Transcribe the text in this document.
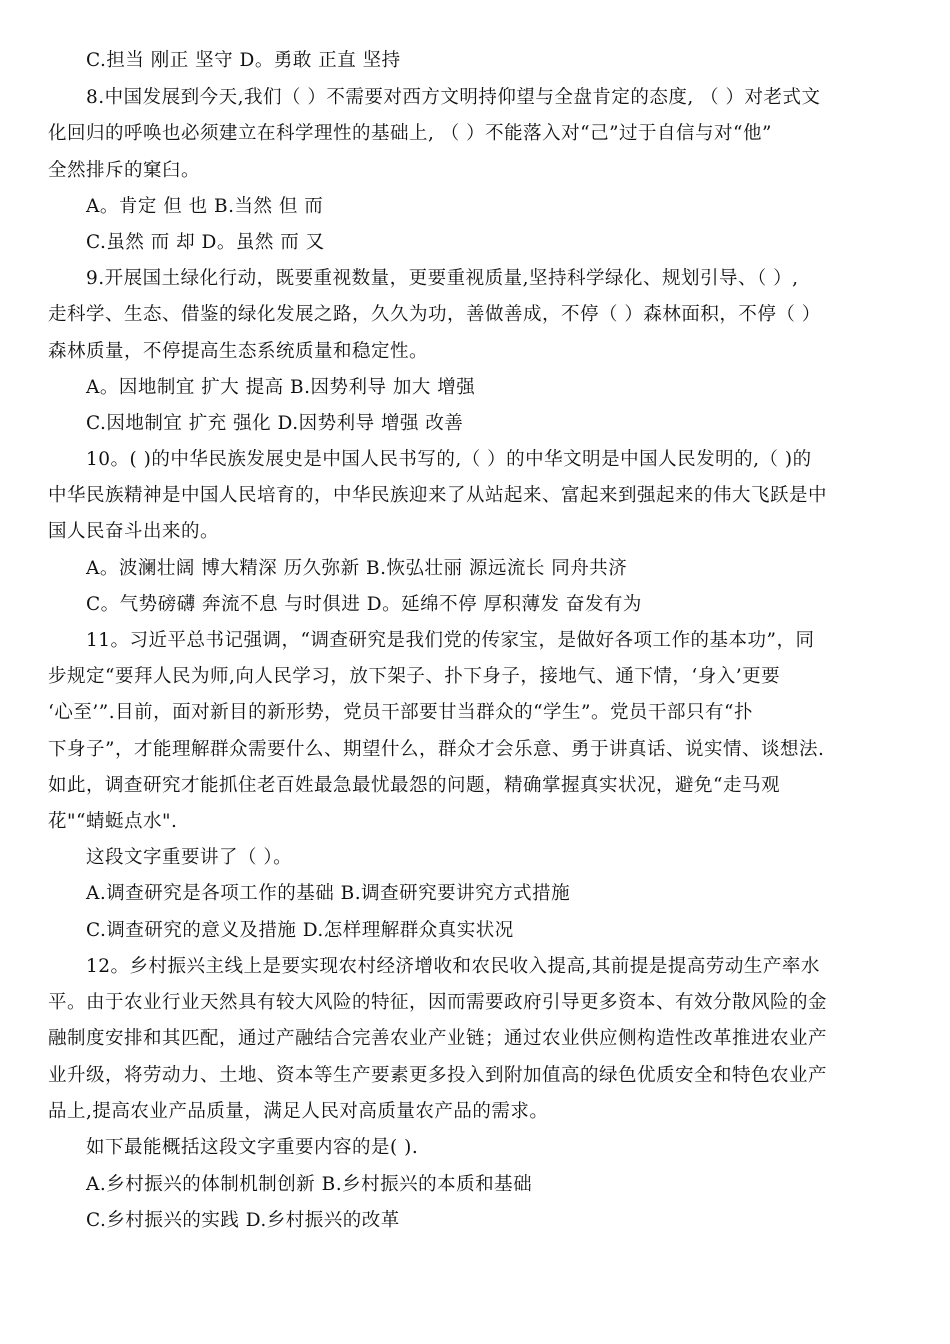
C.担当 刚正 坚守 D。勇敢 正直 坚持
8.中国发展到今天,我们（ ）不需要对西方文明持仰望与全盘肯定的态度, （ ）对老式文
化回归的呼唤也必须建立在科学理性的基础上, （ ）不能落入对“己”过于自信与对“他”
全然排斥的窠臼。
A。肯定 但 也 B.当然 但 而
C.虽然 而 却 D。虽然 而 又
9.开展国土绿化行动，既要重视数量，更要重视质量,坚持科学绿化、规划引导、（ ）,
走科学、生态、借鉴的绿化发展之路，久久为功，善做善成，不停（ ）森林面积，不停（ ）
森林质量，不停提高生态系统质量和稳定性。
A。因地制宜 扩大 提高 B.因势利导 加大 增强
C.因地制宜 扩充 强化 D.因势利导 增强 改善
10。( )的中华民族发展史是中国人民书写的,（ ）的中华文明是中国人民发明的,（ )的
中华民族精神是中国人民培育的，中华民族迎来了从站起来、富起来到强起来的伟大飞跃是中
国人民奋斗出来的。
A。波澜壮阔 博大精深 历久弥新 B.恢弘壮丽 源远流长 同舟共济
C。气势磅礴 奔流不息 与时俱进 D。延绵不停 厚积薄发 奋发有为
11。习近平总书记强调，“调查研究是我们党的传家宝，是做好各项工作的基本功”，同
步规定“要拜人民为师,向人民学习，放下架子、扑下身子，接地气、通下情，‘身入’更要
‘心至’”.目前，面对新目的新形势，党员干部要甘当群众的“学生”。党员干部只有“扑
下身子”，才能理解群众需要什么、期望什么，群众才会乐意、勇于讲真话、说实情、谈想法.
如此，调查研究才能抓住老百姓最急最忧最怨的问题，精确掌握真实状况，避免“走马观
花"“蜻蜓点水".
这段文字重要讲了（ ）。
A.调查研究是各项工作的基础 B.调查研究要讲究方式措施
C.调查研究的意义及措施 D.怎样理解群众真实状况
12。乡村振兴主线上是要实现农村经济增收和农民收入提高,其前提是提高劳动生产率水
平。由于农业行业天然具有较大风险的特征，因而需要政府引导更多资本、有效分散风险的金
融制度安排和其匹配，通过产融结合完善农业产业链；通过农业供应侧构造性改革推进农业产
业升级，将劳动力、土地、资本等生产要素更多投入到附加值高的绿色优质安全和特色农业产
品上,提高农业产品质量，满足人民对高质量农产品的需求。
如下最能概括这段文字重要内容的是( ).
A.乡村振兴的体制机制创新 B.乡村振兴的本质和基础
C.乡村振兴的实践 D.乡村振兴的改革
